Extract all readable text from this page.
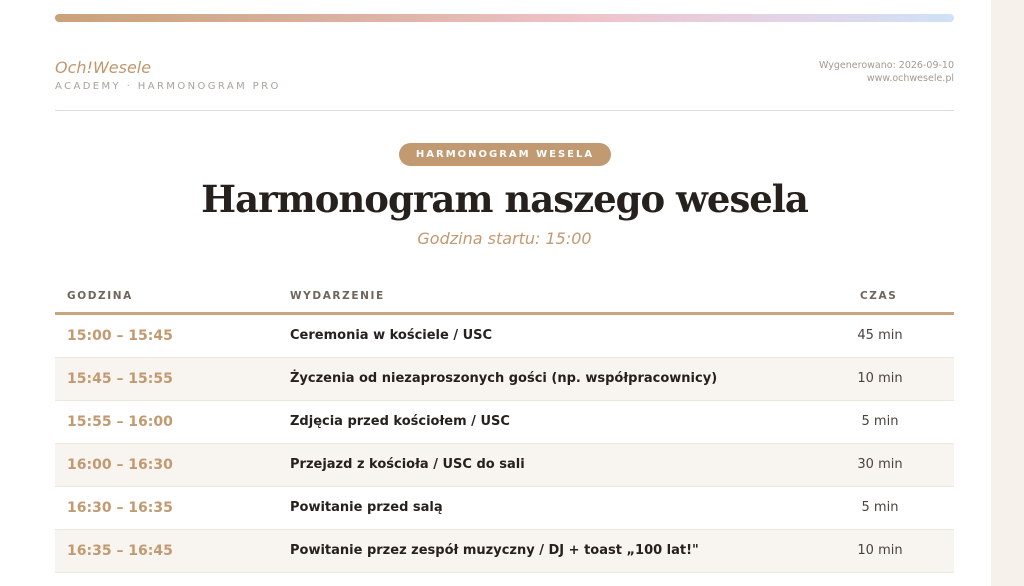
Och!Wesele
ACADEMY · HARMONOGRAM PRO
Wygenerowano: 2026-09-10
www.ochwesele.pl
HARMONOGRAM WESELA
Harmonogram naszego wesela
Godzina startu: 15:00
GODZINA	WYDARZENIE	CZAS
15:00 – 15:45	Ceremonia w kościele / USC	45 min
15:45 – 15:55	Życzenia od niezaproszonych gości (np. współpracownicy)	10 min
15:55 – 16:00	Zdjęcia przed kościołem / USC	5 min
16:00 – 16:30	Przejazd z kościoła / USC do sali	30 min
16:30 – 16:35	Powitanie przed salą	5 min
16:35 – 16:45	Powitanie przez zespół muzyczny / DJ + toast „100 lat!"	10 min
